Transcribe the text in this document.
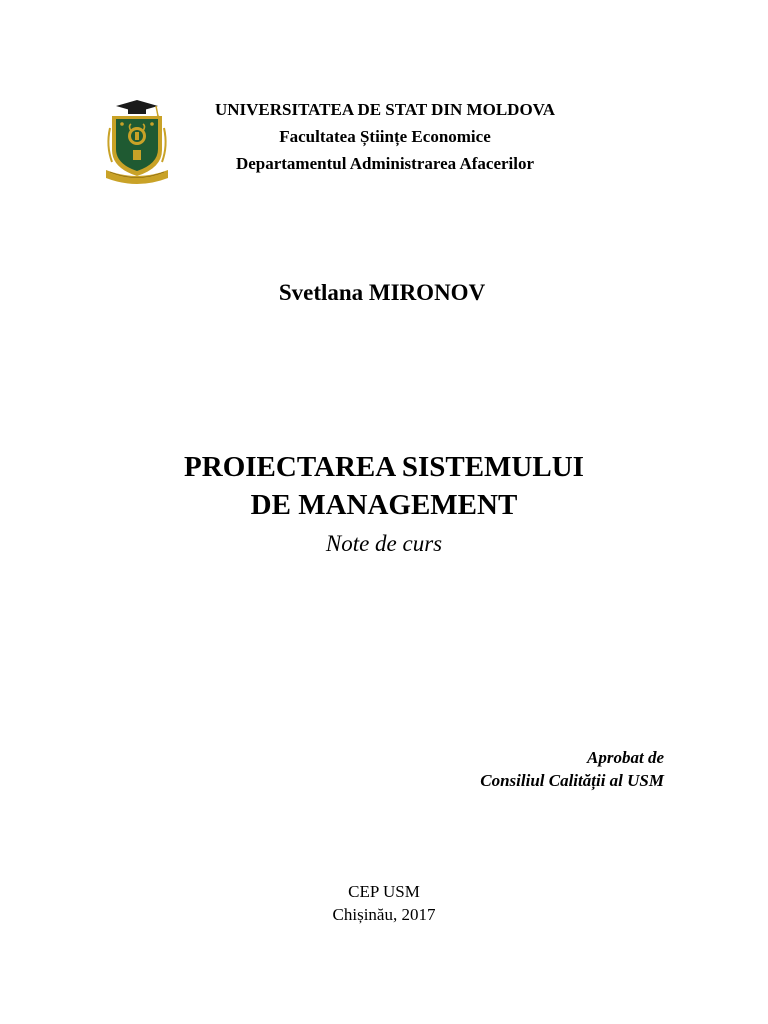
UNIVERSITATEA DE STAT DIN MOLDOVA
Facultatea Științe Economice
Departamentul Administrarea Afacerilor
Svetlana MIRONOV
PROIECTAREA SISTEMULUI
DE MANAGEMENT
Note de curs
Aprobat de
Consiliul Calității al USM
CEP USM
Chișinău, 2017
